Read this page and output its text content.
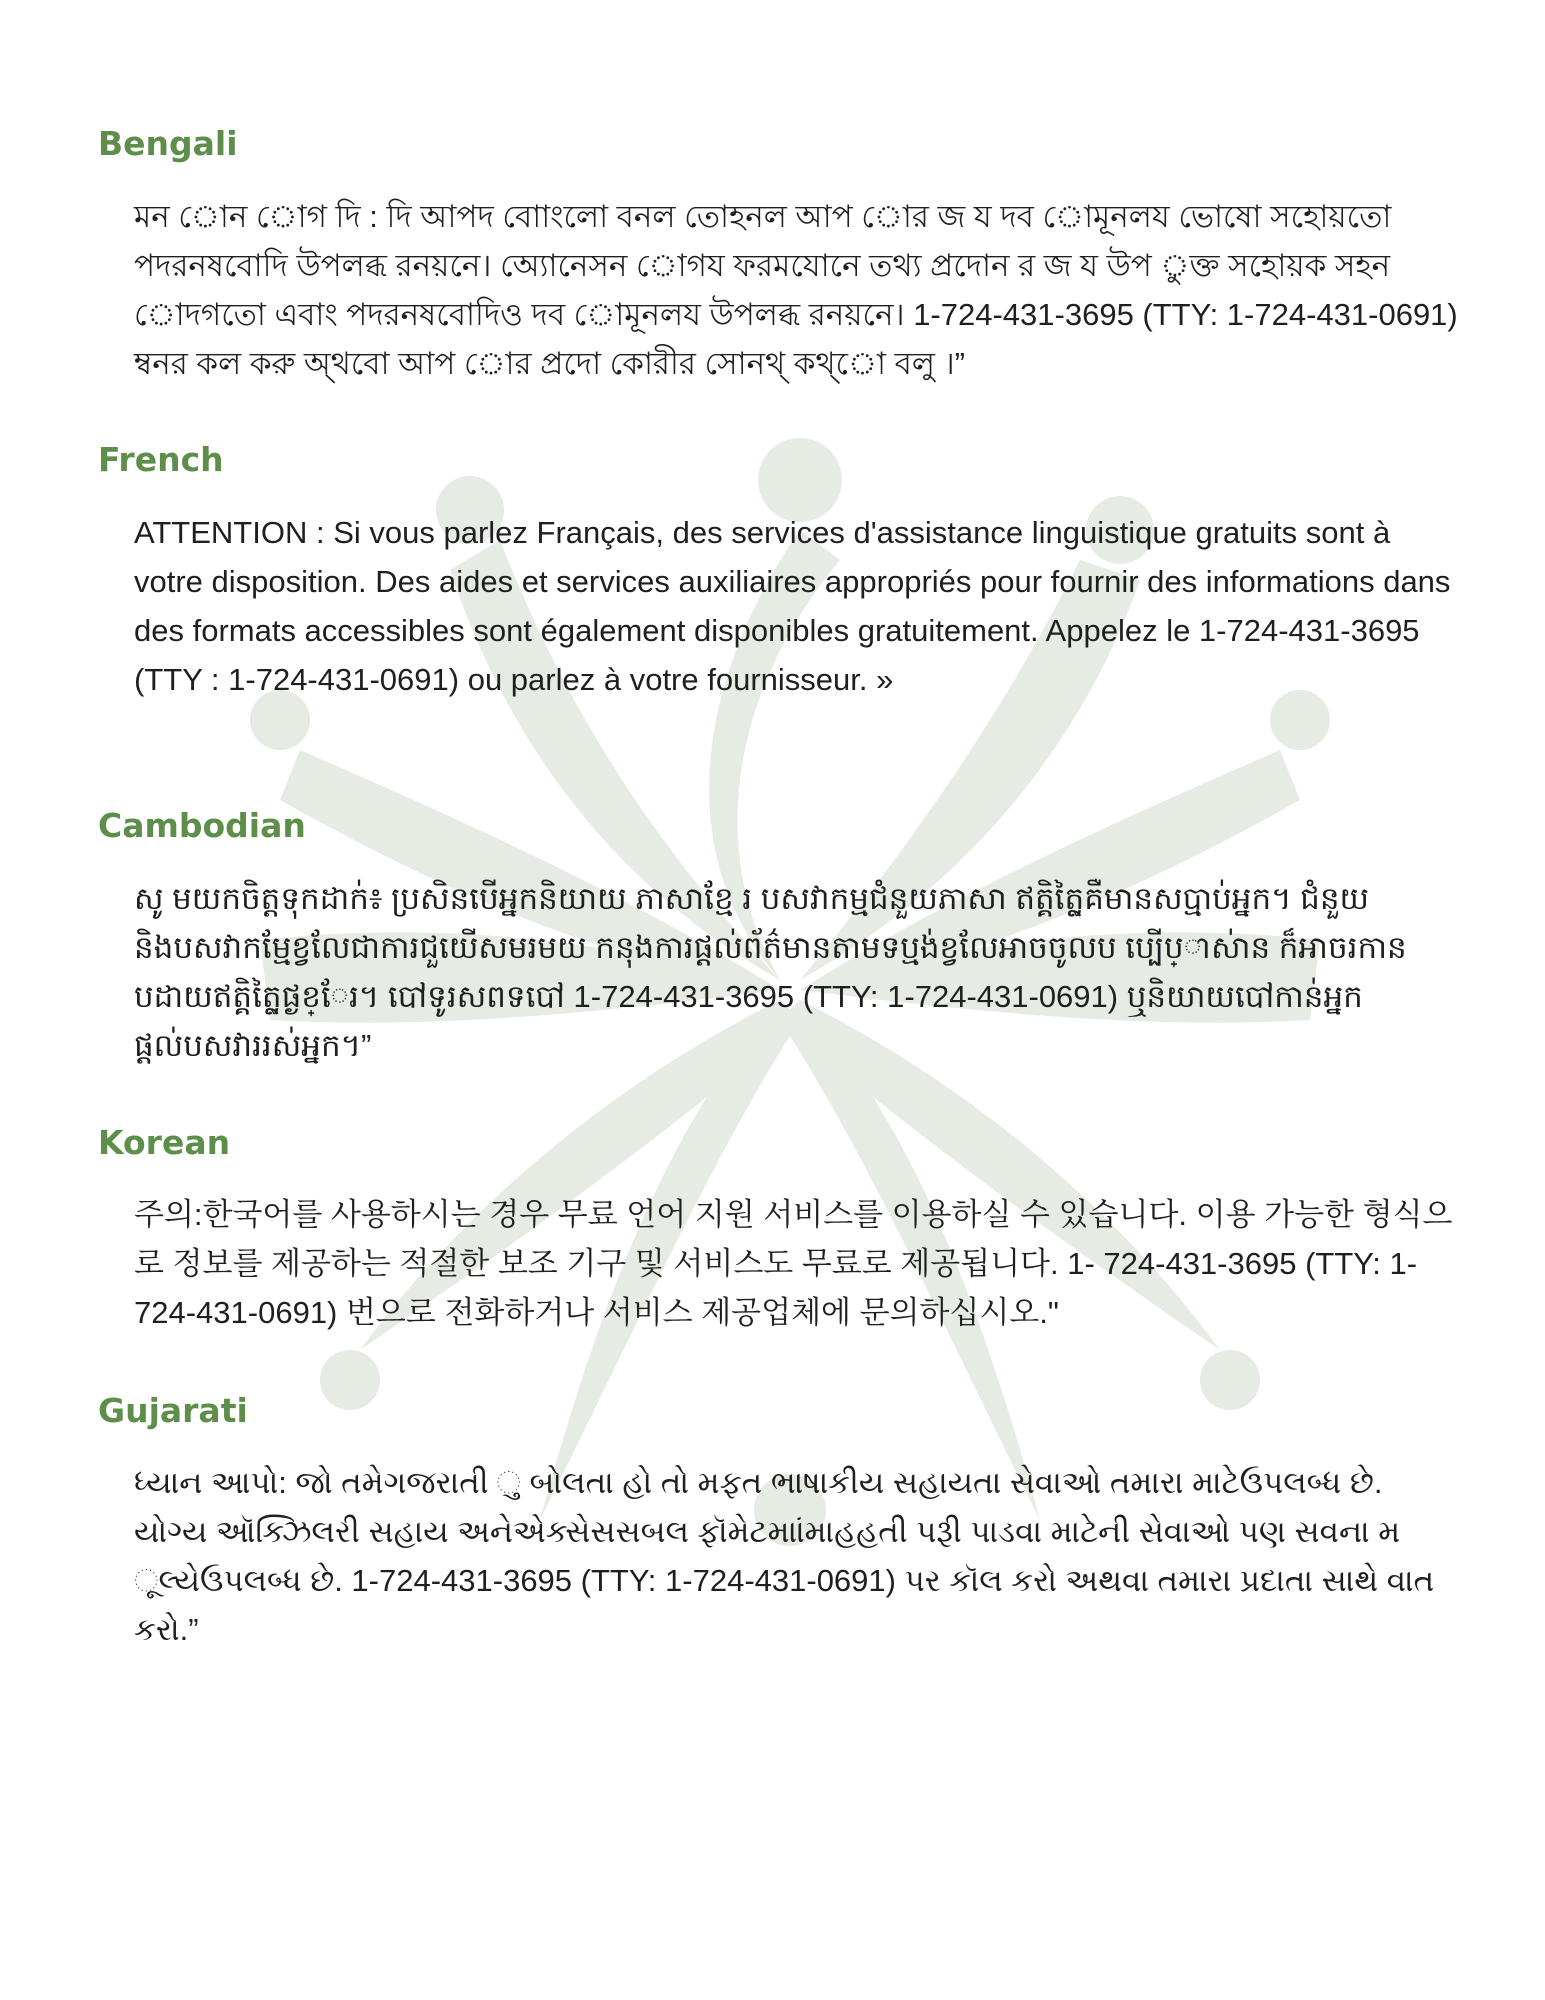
Bengali
মন োন োগ দি : দি আপদ বোাংলো বনল তোহনল আপ োর জ য দব োমূনলয ভোষো সহোয়তো পদরনষবোদি উপলব্ধ রনয়নে। অ্যোনেসন োগয ফরমযোনে তথ্য প্রদোন র জ য উপ ুক্ত সহোয়ক সহন োদগতো এবাং পদরনষবোদিও দব োমূনলয উপলব্ধ রনয়নে। 1-724-431-3695 (TTY: 1-724-431-0691) ম্বনর কল করু অ্থবো আপ োর প্রদো কোরীর সোনথ্ কথ্ো বলু ।”
French
ATTENTION : Si vous parlez Français, des services d'assistance linguistique gratuits sont à votre disposition. Des aides et services auxiliaires appropriés pour fournir des informations dans des formats accessibles sont également disponibles gratuitement. Appelez le 1-724-431-3695 (TTY : 1-724-431-0691) ou parlez à votre fournisseur. »
Cambodian
សូ មយកចិត្តទុកដាក់៖ ប្រសិនបើអ្នកនិយាយ ភាសាខ្មែ រ បសវាកម្មជំនួយភាសា ឥត្គិត្ថ្លៃគឺមានសប្មាប់អ្នក។ ជំនួយ និងបសវាកម្មែខ្វលែជាការជួយើសមរមយ កនុងការផ្តល់ព័ត៌មានតាមទប្មង់ខ្វលែអាចចូលប ប្បើប្ាស់ាន ក៏អាចរកាន បដាយឥត្គិត្ថ្លៃផ្ងខ្ែរ។ បៅទូរសពទបៅ 1-724-431-3695 (TTY: 1-724-431-0691) ឬនិយាយបៅកាន់អ្នកផ្តល់បសវាររស់អ្នក។”
Korean
주의:한국어를 사용하시는 경우 무료 언어 지원 서비스를 이용하실 수 있습니다. 이용 가능한 형식으로 정보를 제공하는 적절한 보조 기구 및 서비스도 무료로 제공됩니다. 1- 724-431-3695 (TTY: 1-724-431-0691) 번으로 전화하거나 서비스 제공업체에 문의하십시오."
Gujarati
ધ્યાન આપો: જો તમેગજરાતી ુ બોલતા હો તો મફત ભાષાકીય સહાયતા સેવાઓ તમારા માટેઉપલબ્ધ છે. યોગ્ય ઑક્ઝિલરી સહાય અનેએક્સેસસબલ ફૉમેટમાાંમાહહતી પરૂી પાડવા માટેની સેવાઓ પણ સવના મ ૂલ્યેઉપલબ્ધ છે. 1-724-431-3695 (TTY: 1-724-431-0691) પર કૉલ કરો અથવા તમારા પ્રદાતા સાથે વાત કરો.”
